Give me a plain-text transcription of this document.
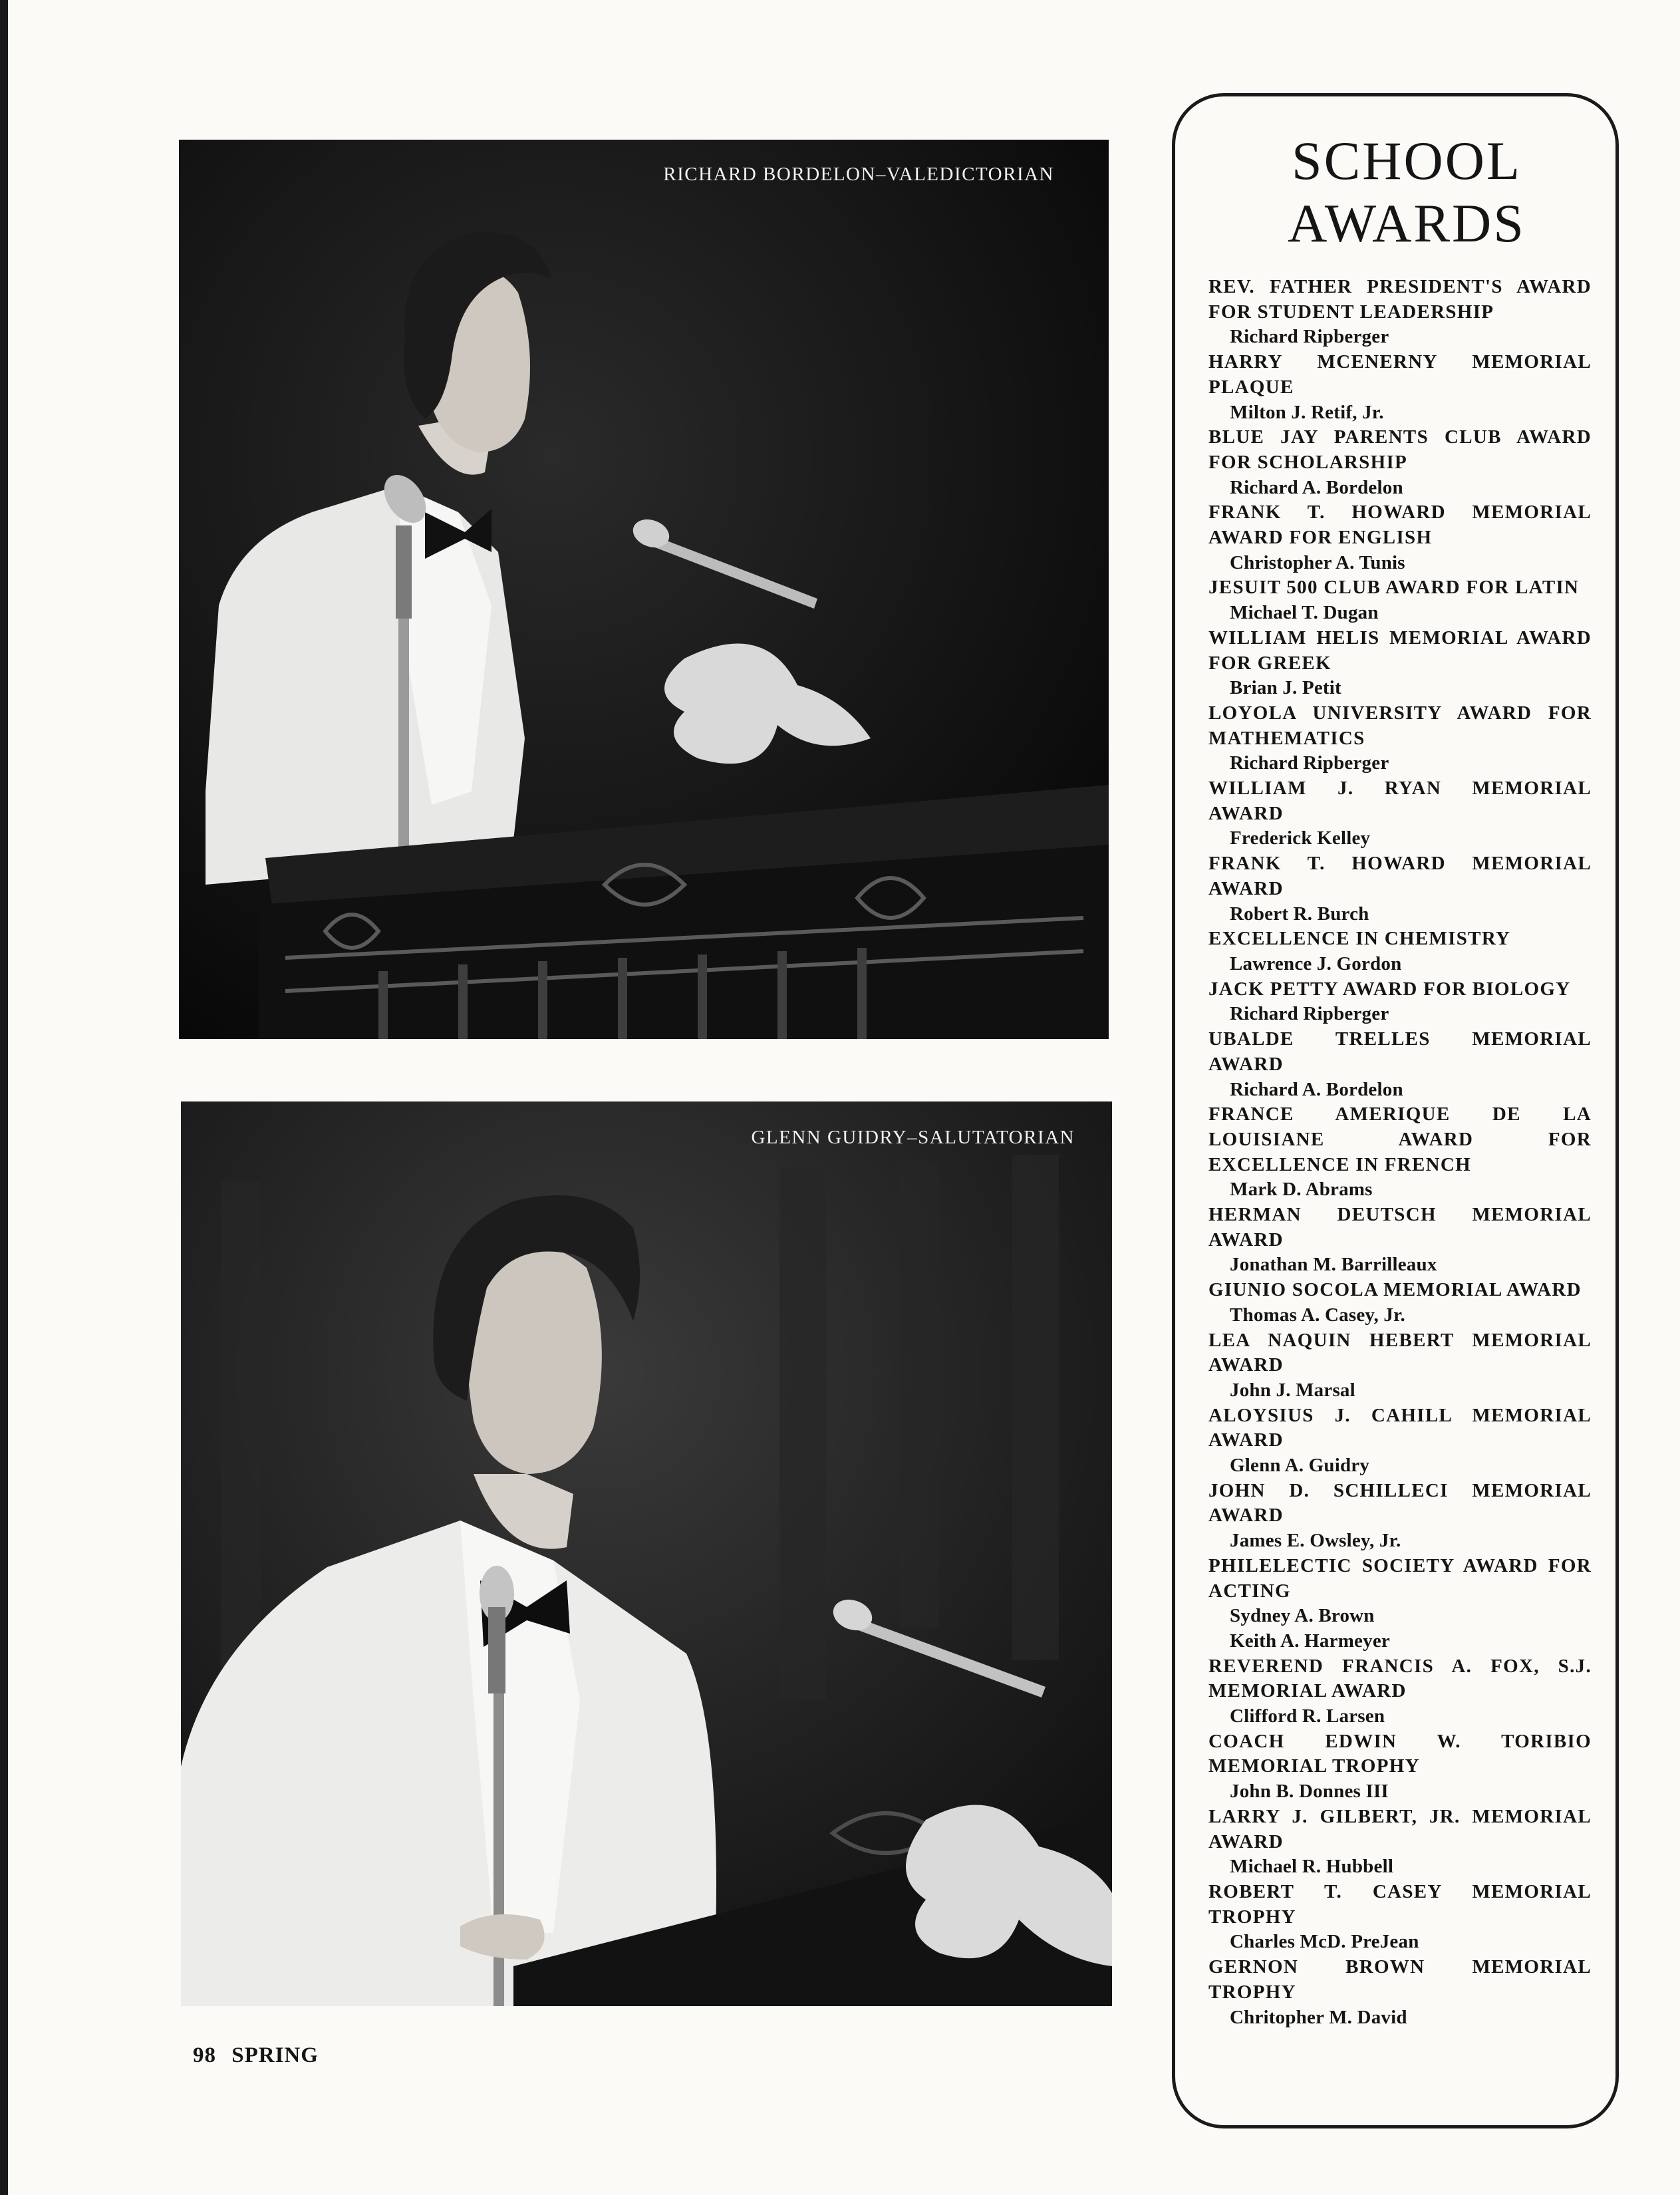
RICHARD BORDELON–VALEDICTORIAN
GLENN GUIDRY–SALUTATORIAN
98 SPRING
SCHOOL
AWARDS
REV. FATHER PRESIDENT'S AWARD FOR STUDENT LEADERSHIP
Richard Ripberger
HARRY MCENERNY MEMORIAL PLAQUE
Milton J. Retif, Jr.
BLUE JAY PARENTS CLUB AWARD FOR SCHOLARSHIP
Richard A. Bordelon
FRANK T. HOWARD MEMORIAL AWARD FOR ENGLISH
Christopher A. Tunis
JESUIT 500 CLUB AWARD FOR LATIN
Michael T. Dugan
WILLIAM HELIS MEMORIAL AWARD FOR GREEK
Brian J. Petit
LOYOLA UNIVERSITY AWARD FOR MATHEMATICS
Richard Ripberger
WILLIAM J. RYAN MEMORIAL AWARD
Frederick Kelley
FRANK T. HOWARD MEMORIAL AWARD
Robert R. Burch
EXCELLENCE IN CHEMISTRY
Lawrence J. Gordon
JACK PETTY AWARD FOR BIOLOGY
Richard Ripberger
UBALDE TRELLES MEMORIAL AWARD
Richard A. Bordelon
FRANCE AMERIQUE DE LA LOUISIANE AWARD FOR EXCELLENCE IN FRENCH
Mark D. Abrams
HERMAN DEUTSCH MEMORIAL AWARD
Jonathan M. Barrilleaux
GIUNIO SOCOLA MEMORIAL AWARD
Thomas A. Casey, Jr.
LEA NAQUIN HEBERT MEMORIAL AWARD
John J. Marsal
ALOYSIUS J. CAHILL MEMORIAL AWARD
Glenn A. Guidry
JOHN D. SCHILLECI MEMORIAL AWARD
James E. Owsley, Jr.
PHILELECTIC SOCIETY AWARD FOR ACTING
Sydney A. Brown
Keith A. Harmeyer
REVEREND FRANCIS A. FOX, S.J. MEMORIAL AWARD
Clifford R. Larsen
COACH EDWIN W. TORIBIO MEMORIAL TROPHY
John B. Donnes III
LARRY J. GILBERT, JR. MEMORIAL AWARD
Michael R. Hubbell
ROBERT T. CASEY MEMORIAL TROPHY
Charles McD. PreJean
GERNON BROWN MEMORIAL TROPHY
Chritopher M. David
